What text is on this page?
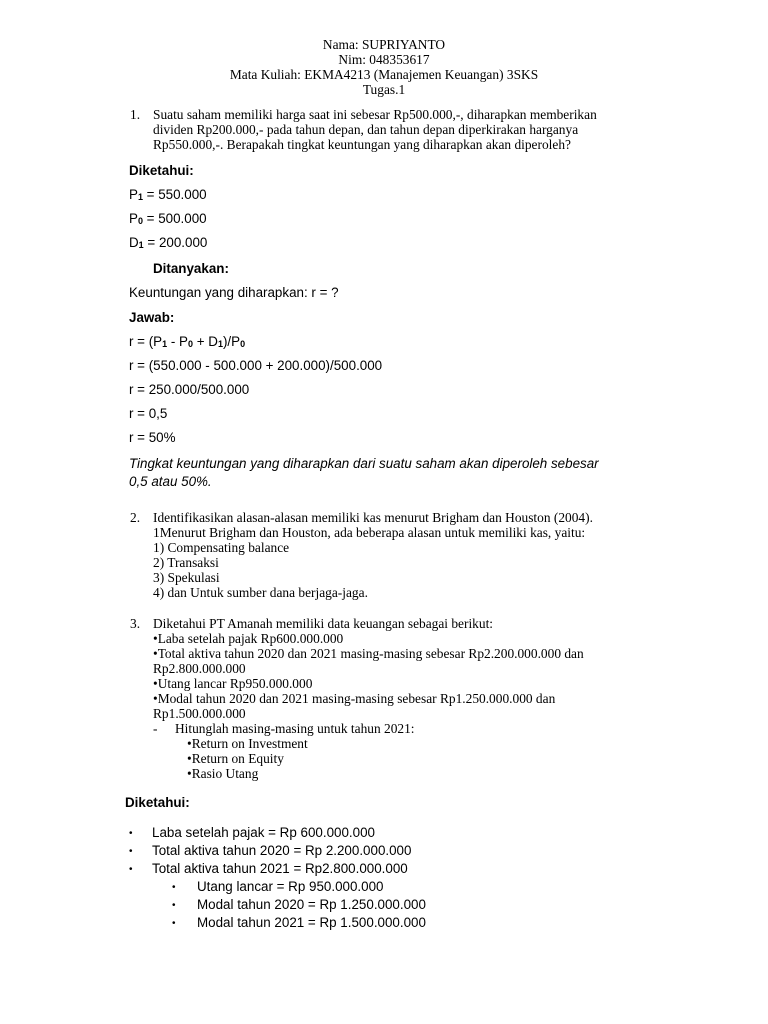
Nama: SUPRIYANTO
Nim: 048353617
Mata Kuliah: EKMA4213 (Manajemen Keuangan) 3SKS
Tugas.1
1. Suatu saham memiliki harga saat ini sebesar Rp500.000,-, diharapkan memberikan
dividen Rp200.000,- pada tahun depan, dan tahun depan diperkirakan harganya
Rp550.000,-. Berapakah tingkat keuntungan yang diharapkan akan diperoleh?
Diketahui:
P1 = 550.000
P0 = 500.000
D1 = 200.000
Ditanyakan:
Keuntungan yang diharapkan: r = ?
Jawab:
r = (P1 - P0 + D1)/P0
r = (550.000 - 500.000 + 200.000)/500.000
r = 250.000/500.000
r = 0,5
r = 50%
Tingkat keuntungan yang diharapkan dari suatu saham akan diperoleh sebesar
0,5 atau 50%.
2. Identifikasikan alasan-alasan memiliki kas menurut Brigham dan Houston (2004).
1Menurut Brigham dan Houston, ada beberapa alasan untuk memiliki kas, yaitu:
1) Compensating balance
2) Transaksi
3) Spekulasi
4) dan Untuk sumber dana berjaga-jaga.
3. Diketahui PT Amanah memiliki data keuangan sebagai berikut:
•Laba setelah pajak Rp600.000.000
•Total aktiva tahun 2020 dan 2021 masing-masing sebesar Rp2.200.000.000 dan
Rp2.800.000.000
•Utang lancar Rp950.000.000
•Modal tahun 2020 dan 2021 masing-masing sebesar Rp1.250.000.000 dan
Rp1.500.000.000
- Hitunglah masing-masing untuk tahun 2021:
•Return on Investment
•Return on Equity
•Rasio Utang
Diketahui:
• Laba setelah pajak = Rp 600.000.000
• Total aktiva tahun 2020 = Rp 2.200.000.000
• Total aktiva tahun 2021 = Rp2.800.000.000
• Utang lancar = Rp 950.000.000
• Modal tahun 2020 = Rp 1.250.000.000
• Modal tahun 2021 = Rp 1.500.000.000
